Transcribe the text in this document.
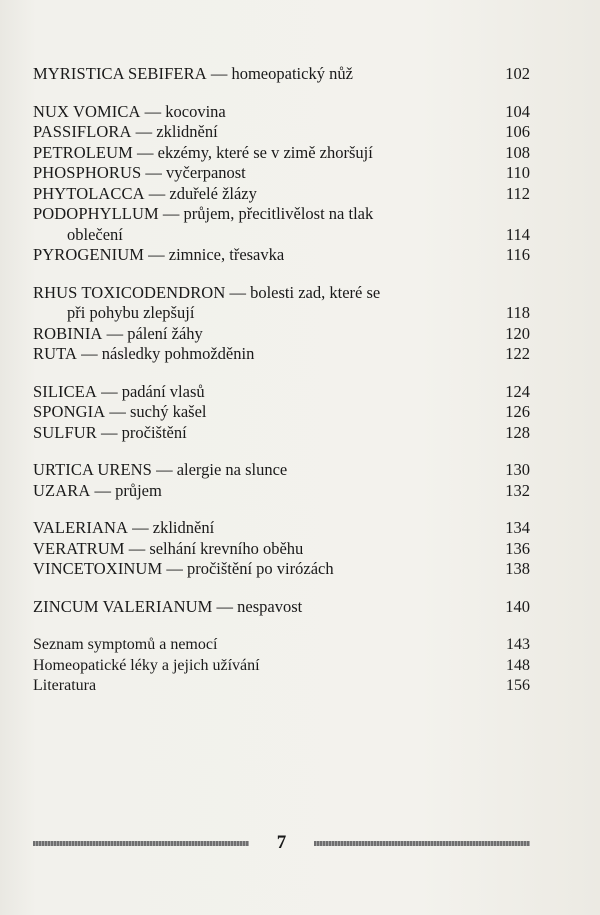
MYRISTICA SEBIFERA — homeopatický nůž	102
NUX VOMICA — kocovina	104
PASSIFLORA — zklidnění	106
PETROLEUM — ekzémy, které se v zimě zhoršují	108
PHOSPHORUS — vyčerpanost	110
PHYTOLACCA — zduřelé žlázy	112
PODOPHYLLUM — průjem, přecitlivělost na tlak
oblečení	114
PYROGENIUM — zimnice, třesavka	116
RHUS TOXICODENDRON — bolesti zad, které se
při pohybu zlepšují	118
ROBINIA — pálení žáhy	120
RUTA — následky pohmožděnin	122
SILICEA — padání vlasů	124
SPONGIA — suchý kašel	126
SULFUR — pročištění	128
URTICA URENS — alergie na slunce	130
UZARA — průjem	132
VALERIANA — zklidnění	134
VERATRUM — selhání krevního oběhu	136
VINCETOXINUM — pročištění po virózách	138
ZINCUM VALERIANUM — nespavost	140
Seznam symptomů a nemocí	143
Homeopatické léky a jejich užívání	148
Literatura	156
7
